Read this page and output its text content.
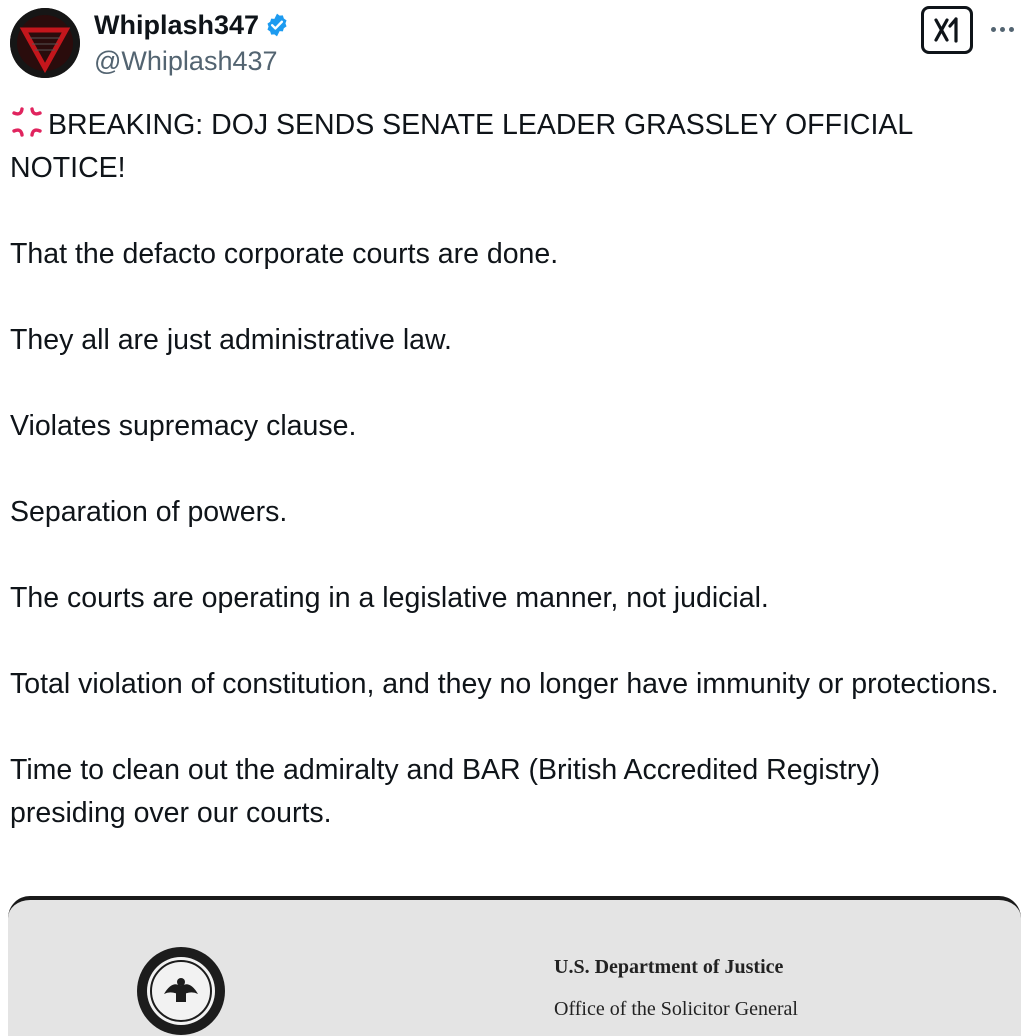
Whiplash347
@Whiplash437

BREAKING: DOJ SENDS SENATE LEADER GRASSLEY OFFICIAL NOTICE!

That the defacto corporate courts are done.

They all are just administrative law.

Violates supremacy clause.

Separation of powers.

The courts are operating in a legislative manner, not judicial.

Total violation of constitution, and they no longer have immunity or protections.

Time to clean out the admiralty and BAR (British Accredited Registry) presiding over our courts.

U.S. Department of Justice
Office of the Solicitor General
